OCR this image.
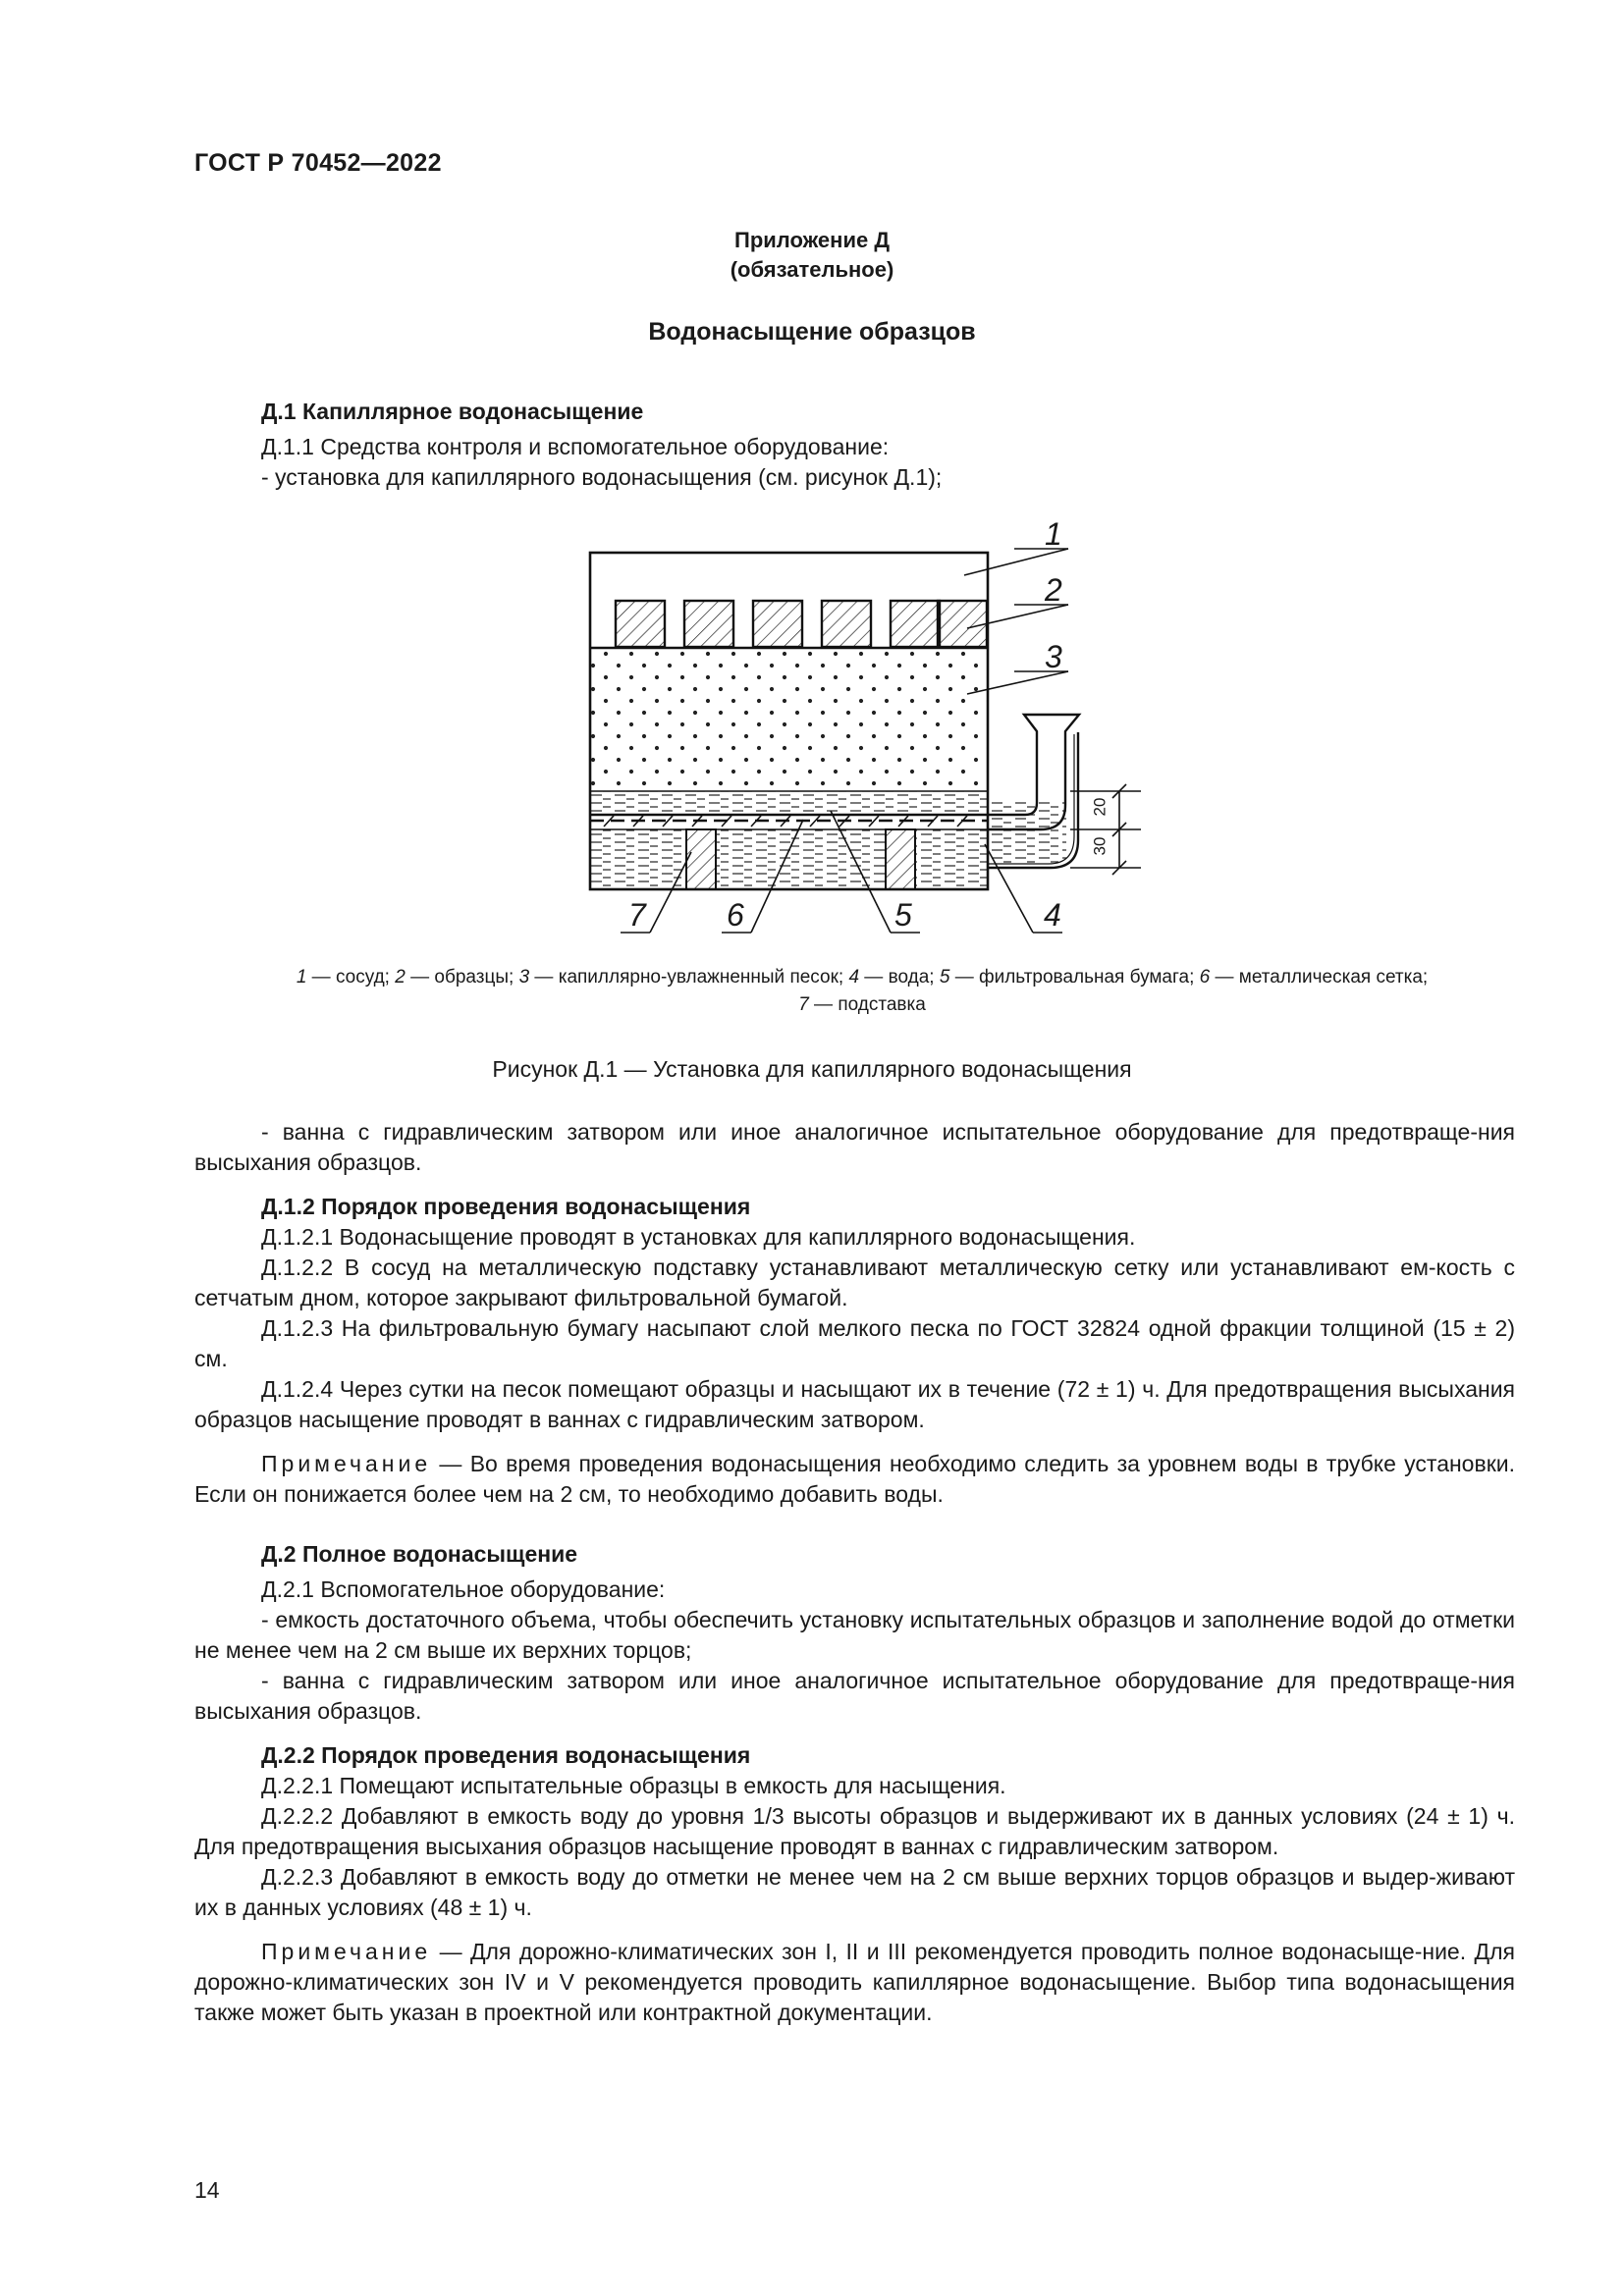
ГОСТ Р 70452—2022
Приложение Д
(обязательное)
Водонасыщение образцов
Д.1 Капиллярное водонасыщение
Д.1.1 Средства контроля и вспомогательное оборудование:
- установка для капиллярного водонасыщения (см. рисунок Д.1);
1
2
3
4
5
6
7
20
30
1 — сосуд; 2 — образцы; 3 — капиллярно-увлажненный песок; 4 — вода; 5 — фильтровальная бумага; 6 — металлическая сетка;
7 — подставка
Рисунок Д.1 — Установка для капиллярного водонасыщения
- ванна с гидравлическим затвором или иное аналогичное испытательное оборудование для предотвраще-ния высыхания образцов.
Д.1.2 Порядок проведения водонасыщения
Д.1.2.1 Водонасыщение проводят в установках для капиллярного водонасыщения.
Д.1.2.2 В сосуд на металлическую подставку устанавливают металлическую сетку или устанавливают ем-кость с сетчатым дном, которое закрывают фильтровальной бумагой.
Д.1.2.3 На фильтровальную бумагу насыпают слой мелкого песка по ГОСТ 32824 одной фракции толщиной (15 ± 2) см.
Д.1.2.4 Через сутки на песок помещают образцы и насыщают их в течение (72 ± 1) ч. Для предотвращения высыхания образцов насыщение проводят в ваннах с гидравлическим затвором.
Примечание — Во время проведения водонасыщения необходимо следить за уровнем воды в трубке установки. Если он понижается более чем на 2 см, то необходимо добавить воды.
Д.2 Полное водонасыщение
Д.2.1 Вспомогательное оборудование:
- емкость достаточного объема, чтобы обеспечить установку испытательных образцов и заполнение водой до отметки не менее чем на 2 см выше их верхних торцов;
- ванна с гидравлическим затвором или иное аналогичное испытательное оборудование для предотвраще-ния высыхания образцов.
Д.2.2 Порядок проведения водонасыщения
Д.2.2.1 Помещают испытательные образцы в емкость для насыщения.
Д.2.2.2 Добавляют в емкость воду до уровня 1/3 высоты образцов и выдерживают их в данных условиях (24 ± 1) ч. Для предотвращения высыхания образцов насыщение проводят в ваннах с гидравлическим затвором.
Д.2.2.3 Добавляют в емкость воду до отметки не менее чем на 2 см выше верхних торцов образцов и выдер-живают их в данных условиях (48 ± 1) ч.
Примечание — Для дорожно-климатических зон I, II и III рекомендуется проводить полное водонасыще-ние. Для дорожно-климатических зон IV и V рекомендуется проводить капиллярное водонасыщение. Выбор типа водонасыщения также может быть указан в проектной или контрактной документации.
14
